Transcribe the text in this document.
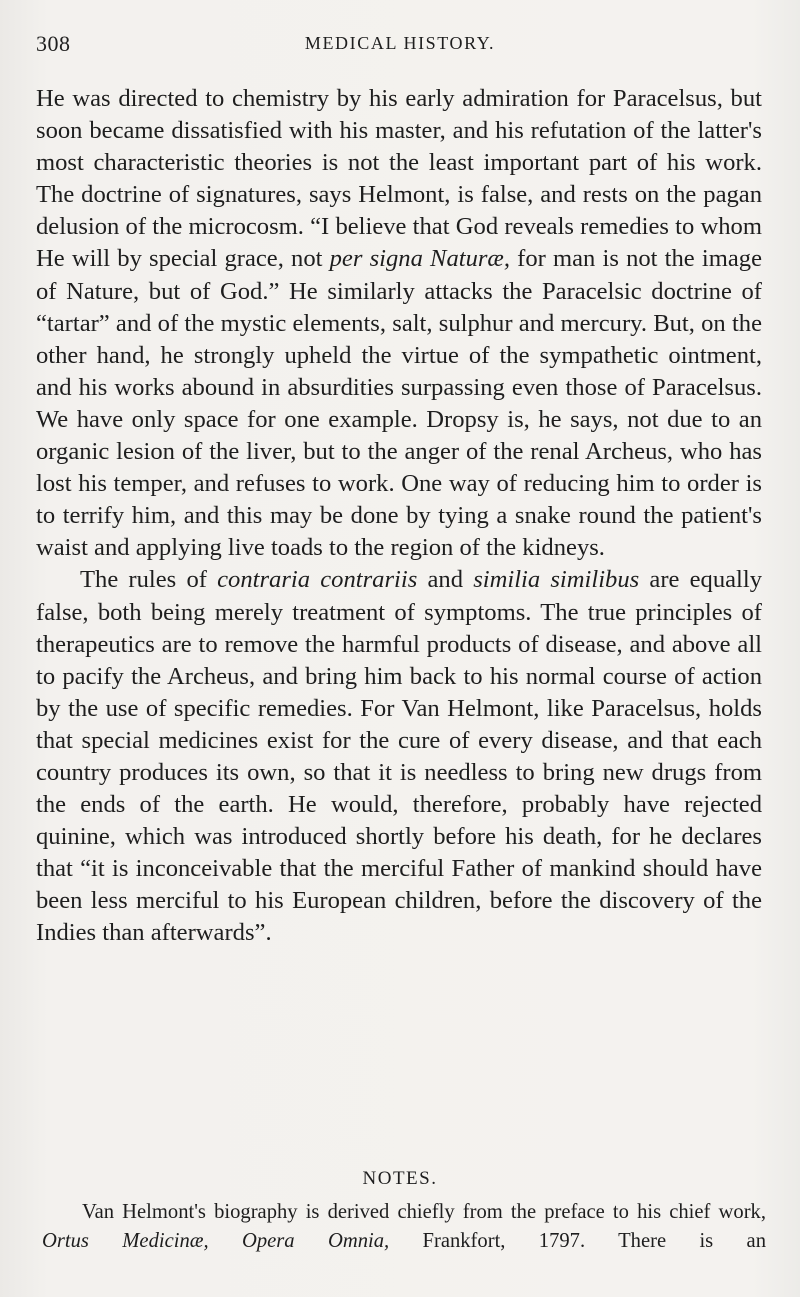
308	MEDICAL HISTORY.

He was directed to chemistry by his early admiration for Paracelsus, but soon became dissatisfied with his master, and his refutation of the latter's most characteristic theories is not the least important part of his work. The doctrine of signatures, says Helmont, is false, and rests on the pagan delusion of the microcosm. “I believe that God reveals remedies to whom He will by special grace, not per signa Naturæ, for man is not the image of Nature, but of God.” He similarly attacks the Paracelsic doctrine of “tartar” and of the mystic elements, salt, sulphur and mercury. But, on the other hand, he strongly upheld the virtue of the sympathetic ointment, and his works abound in absurdities surpassing even those of Paracelsus. We have only space for one example. Dropsy is, he says, not due to an organic lesion of the liver, but to the anger of the renal Archeus, who has lost his temper, and refuses to work. One way of reducing him to order is to terrify him, and this may be done by tying a snake round the patient's waist and applying live toads to the region of the kidneys.

The rules of contraria contrariis and similia similibus are equally false, both being merely treatment of symptoms. The true principles of therapeutics are to remove the harmful products of disease, and above all to pacify the Archeus, and bring him back to his normal course of action by the use of specific remedies. For Van Helmont, like Paracelsus, holds that special medicines exist for the cure of every disease, and that each country produces its own, so that it is needless to bring new drugs from the ends of the earth. He would, therefore, probably have rejected quinine, which was introduced shortly before his death, for he declares that “it is inconceivable that the merciful Father of mankind should have been less merciful to his European children, before the discovery of the Indies than afterwards”.

NOTES.
Van Helmont's biography is derived chiefly from the preface to his chief work, Ortus Medicinæ, Opera Omnia, Frankfort, 1797. There is an
